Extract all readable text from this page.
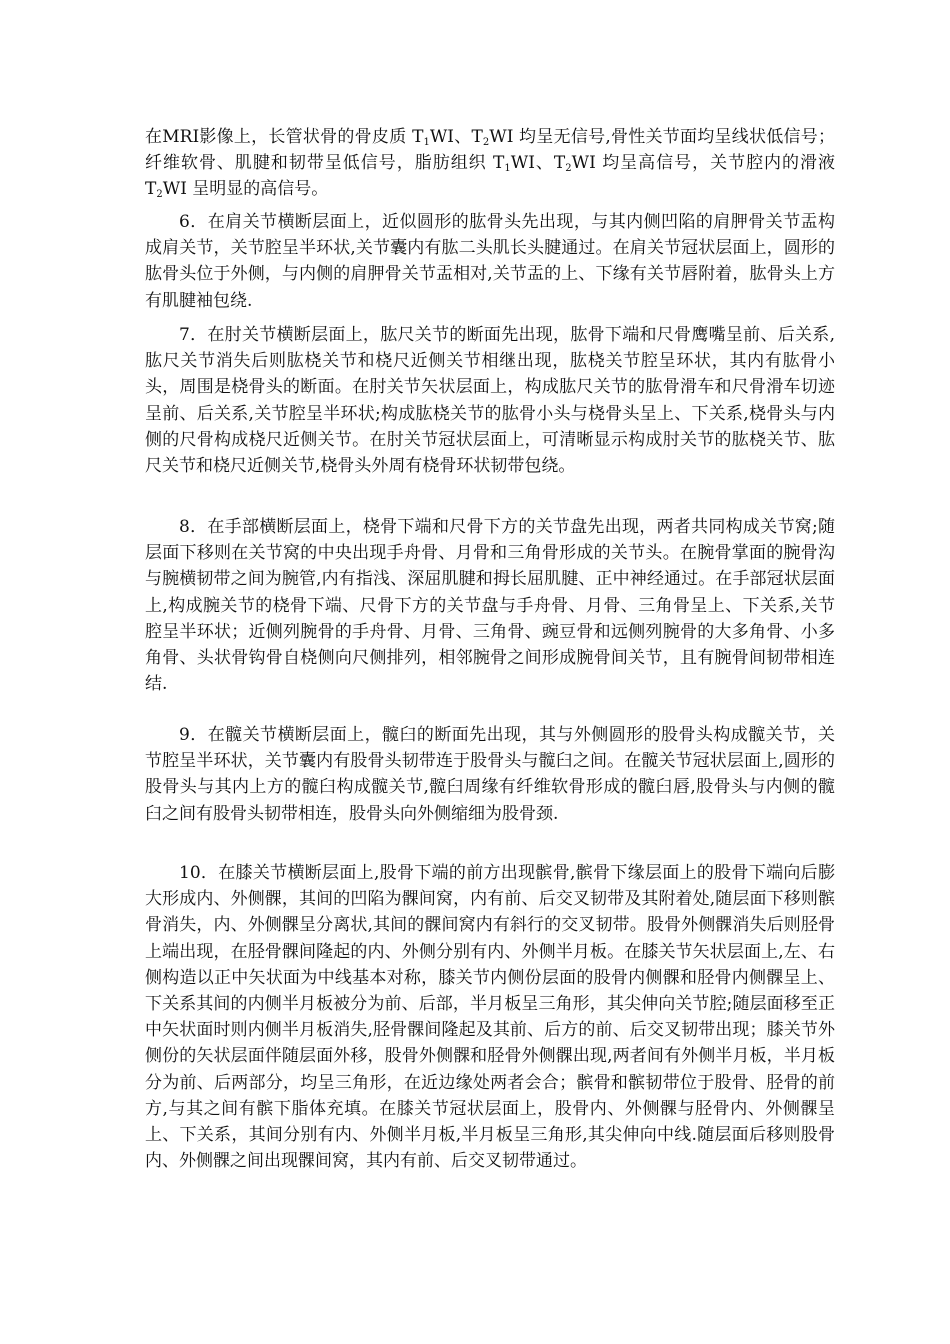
在MRI影像上，长管状骨的骨皮质 $T_1WI$、$T_2WI$ 均呈无信号,骨性关节面均呈线状低信号；纤维软骨、肌腱和韧带呈低信号，脂肪组织 $T_1WI$、$T_2WI$ 均呈高信号，关节腔内的滑液 $T_2WI$ 呈明显的高信号。

6．在肩关节横断层面上，近似圆形的肱骨头先出现，与其内侧凹陷的肩胛骨关节盂构成肩关节，关节腔呈半环状,关节囊内有肱二头肌长头腱通过。在肩关节冠状层面上，圆形的肱骨头位于外侧，与内侧的肩胛骨关节盂相对,关节盂的上、下缘有关节唇附着，肱骨头上方有肌腱袖包绕.

7．在肘关节横断层面上，肱尺关节的断面先出现，肱骨下端和尺骨鹰嘴呈前、后关系,肱尺关节消失后则肱桡关节和桡尺近侧关节相继出现，肱桡关节腔呈环状，其内有肱骨小头，周围是桡骨头的断面。在肘关节矢状层面上，构成肱尺关节的肱骨滑车和尺骨滑车切迹呈前、后关系,关节腔呈半环状;构成肱桡关节的肱骨小头与桡骨头呈上、下关系,桡骨头与内侧的尺骨构成桡尺近侧关节。在肘关节冠状层面上，可清晰显示构成肘关节的肱桡关节、肱尺关节和桡尺近侧关节,桡骨头外周有桡骨环状韧带包绕。

8．在手部横断层面上，桡骨下端和尺骨下方的关节盘先出现，两者共同构成关节窝;随层面下移则在关节窝的中央出现手舟骨、月骨和三角骨形成的关节头。在腕骨掌面的腕骨沟与腕横韧带之间为腕管,内有指浅、深屈肌腱和拇长屈肌腱、正中神经通过。在手部冠状层面上,构成腕关节的桡骨下端、尺骨下方的关节盘与手舟骨、月骨、三角骨呈上、下关系,关节腔呈半环状；近侧列腕骨的手舟骨、月骨、三角骨、豌豆骨和远侧列腕骨的大多角骨、小多角骨、头状骨钩骨自桡侧向尺侧排列，相邻腕骨之间形成腕骨间关节，且有腕骨间韧带相连结.

9．在髋关节横断层面上，髋臼的断面先出现，其与外侧圆形的股骨头构成髋关节，关节腔呈半环状，关节囊内有股骨头韧带连于股骨头与髋臼之间。在髋关节冠状层面上,圆形的股骨头与其内上方的髋臼构成髋关节,髋臼周缘有纤维软骨形成的髋臼唇,股骨头与内侧的髋臼之间有股骨头韧带相连，股骨头向外侧缩细为股骨颈.

10．在膝关节横断层面上,股骨下端的前方出现髌骨,髌骨下缘层面上的股骨下端向后膨大形成内、外侧髁，其间的凹陷为髁间窝，内有前、后交叉韧带及其附着处,随层面下移则髌骨消失，内、外侧髁呈分离状,其间的髁间窝内有斜行的交叉韧带。股骨外侧髁消失后则胫骨上端出现，在胫骨髁间隆起的内、外侧分别有内、外侧半月板。在膝关节矢状层面上,左、右侧构造以正中矢状面为中线基本对称，膝关节内侧份层面的股骨内侧髁和胫骨内侧髁呈上、下关系其间的内侧半月板被分为前、后部，半月板呈三角形，其尖伸向关节腔;随层面移至正中矢状面时则内侧半月板消失,胫骨髁间隆起及其前、后方的前、后交叉韧带出现；膝关节外侧份的矢状层面伴随层面外移，股骨外侧髁和胫骨外侧髁出现,两者间有外侧半月板，半月板分为前、后两部分，均呈三角形，在近边缘处两者会合；髌骨和髌韧带位于股骨、胫骨的前方,与其之间有髌下脂体充填。在膝关节冠状层面上，股骨内、外侧髁与胫骨内、外侧髁呈上、下关系，其间分别有内、外侧半月板,半月板呈三角形,其尖伸向中线.随层面后移则股骨内、外侧髁之间出现髁间窝，其内有前、后交叉韧带通过。
